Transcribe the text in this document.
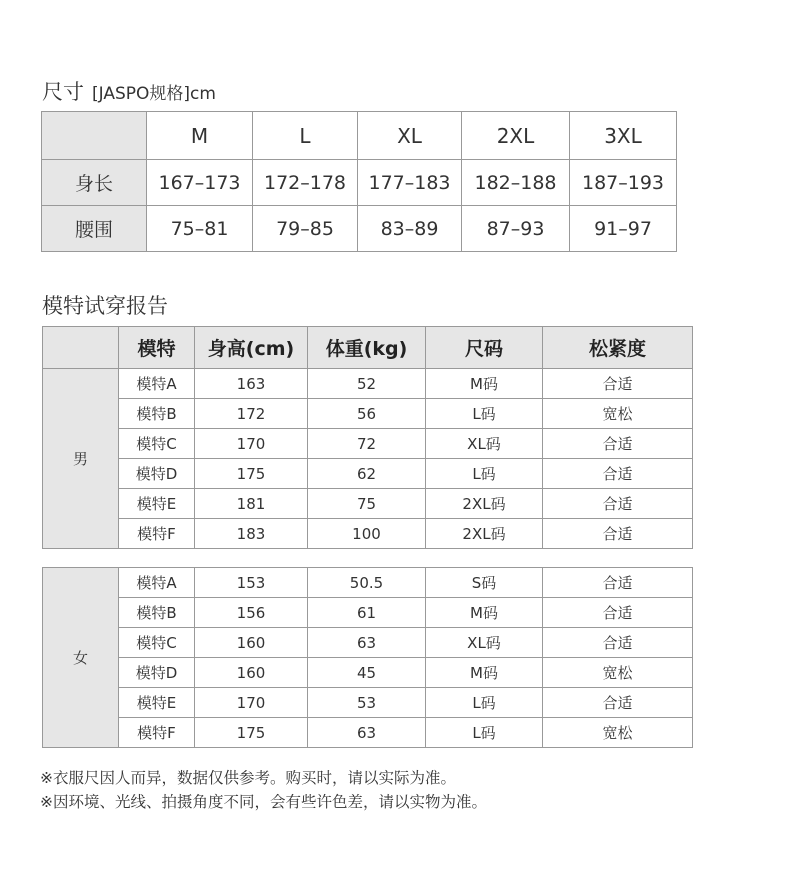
尺寸 [JASPO规格]cm
	M	L	XL	2XL	3XL
身长	167–173	172–178	177–183	182–188	187–193
腰围	75–81	79–85	83–89	87–93	91–97
模特试穿报告
	模特	身高(cm)	体重(kg)	尺码	松紧度
男	模特A	163	52	M码	合适
	模特B	172	56	L码	宽松
	模特C	170	72	XL码	合适
	模特D	175	62	L码	合适
	模特E	181	75	2XL码	合适
	模特F	183	100	2XL码	合适
女	模特A	153	50.5	S码	合适
	模特B	156	61	M码	合适
	模特C	160	63	XL码	合适
	模特D	160	45	M码	宽松
	模特E	170	53	L码	合适
	模特F	175	63	L码	宽松
※衣服尺因人而异，数据仅供参考。购买时，请以实际为准。
※因环境、光线、拍摄角度不同，会有些许色差，请以实物为准。
